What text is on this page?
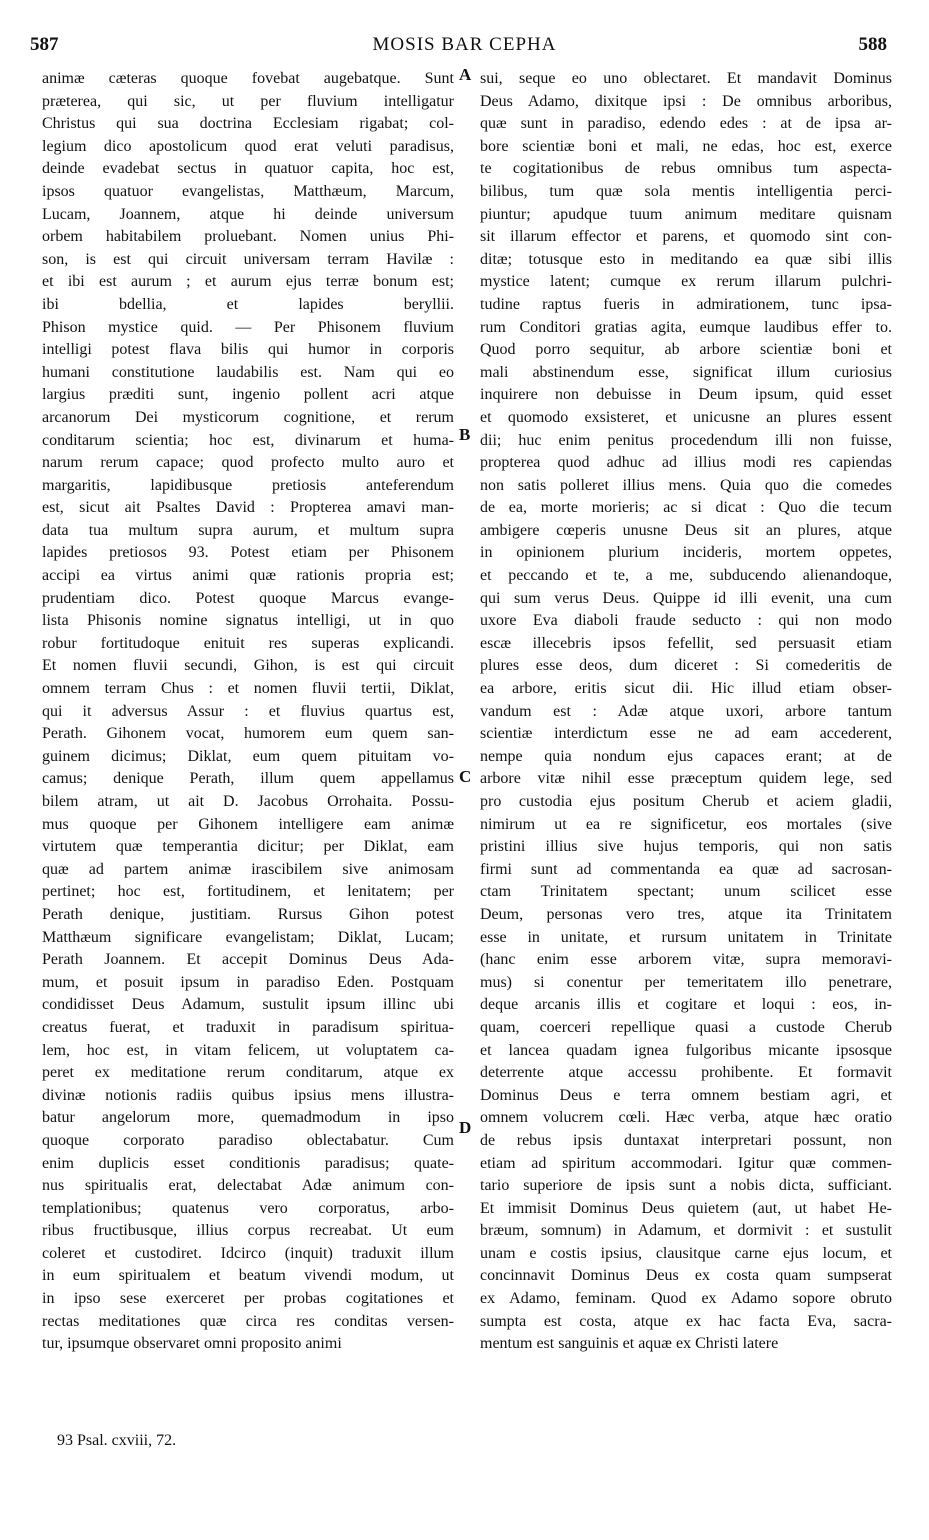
587	MOSIS BAR CEPHA	588
animæ cæteras quoque fovebat augebatque. Sunt
præterea, qui sic, ut per fluvium intelligatur
Christus qui sua doctrina Ecclesiam rigabat; col-
legium dico apostolicum quod erat veluti paradisus,
deinde evadebat sectus in quatuor capita, hoc est,
ipsos quatuor evangelistas, Matthæum, Marcum,
Lucam, Joannem, atque hi deinde universum
orbem habitabilem proluebant. Nomen unius Phi-
son, is est qui circuit universam terram Havilæ :
et ibi est aurum ; et aurum ejus terræ bonum est;
ibi bdellia, et lapides beryllii.
Phison mystice quid. — Per Phisonem fluvium
intelligi potest flava bilis qui humor in corporis
humani constitutione laudabilis est. Nam qui eo
largius præditi sunt, ingenio pollent acri atque
arcanorum Dei mysticorum cognitione, et rerum
conditarum scientia; hoc est, divinarum et huma-
narum rerum capace; quod profecto multo auro et
margaritis, lapidibusque pretiosis anteferendum
est, sicut ait Psaltes David : Propterea amavi man-
data tua multum supra aurum, et multum supra
lapides pretiosos 93. Potest etiam per Phisonem
accipi ea virtus animi quæ rationis propria est;
prudentiam dico. Potest quoque Marcus evange-
lista Phisonis nomine signatus intelligi, ut in quo
robur fortitudoque enituit res superas explicandi.
Et nomen fluvii secundi, Gihon, is est qui circuit
omnem terram Chus : et nomen fluvii tertii, Diklat,
qui it adversus Assur : et fluvius quartus est,
Perath. Gihonem vocat, humorem eum quem san-
guinem dicimus; Diklat, eum quem pituitam vo-
camus; denique Perath, illum quem appellamus
bilem atram, ut ait D. Jacobus Orrohaita. Possu-
mus quoque per Gihonem intelligere eam animæ
virtutem quæ temperantia dicitur; per Diklat, eam
quæ ad partem animæ irascibilem sive animosam
pertinet; hoc est, fortitudinem, et lenitatem; per
Perath denique, justitiam. Rursus Gihon potest
Matthæum significare evangelistam; Diklat, Lucam;
Perath Joannem. Et accepit Dominus Deus Ada-
mum, et posuit ipsum in paradiso Eden. Postquam
condidisset Deus Adamum, sustulit ipsum illinc ubi
creatus fuerat, et traduxit in paradisum spiritua-
lem, hoc est, in vitam felicem, ut voluptatem ca-
peret ex meditatione rerum conditarum, atque ex
divinæ notionis radiis quibus ipsius mens illustra-
batur angelorum more, quemadmodum in ipso
quoque corporato paradiso oblectabatur. Cum
enim duplicis esset conditionis paradisus; quate-
nus spiritualis erat, delectabat Adæ animum con-
templationibus; quatenus vero corporatus, arbo-
ribus fructibusque, illius corpus recreabat. Ut eum
coleret et custodiret. Idcirco (inquit) traduxit illum
in eum spiritualem et beatum vivendi modum, ut
in ipso sese exerceret per probas cogitationes et
rectas meditationes quæ circa res conditas versen-
tur, ipsumque observaret omni proposito animi
sui, seque eo uno oblectaret. Et mandavit Dominus
Deus Adamo, dixitque ipsi : De omnibus arboribus,
quæ sunt in paradiso, edendo edes : at de ipsa ar-
bore scientiæ boni et mali, ne edas, hoc est, exerce
te cogitationibus de rebus omnibus tum aspecta-
bilibus, tum quæ sola mentis intelligentia perci-
piuntur; apudque tuum animum meditare quisnam
sit illarum effector et parens, et quomodo sint con-
ditæ; totusque esto in meditando ea quæ sibi illis
mystice latent; cumque ex rerum illarum pulchri-
tudine raptus fueris in admirationem, tunc ipsa-
rum Conditori gratias agita, eumque laudibus effer to.
Quod porro sequitur, ab arbore scientiæ boni et
mali abstinendum esse, significat illum curiosius
inquirere non debuisse in Deum ipsum, quid esset
et quomodo exsisteret, et unicusne an plures essent
dii; huc enim penitus procedendum illi non fuisse,
propterea quod adhuc ad illius modi res capiendas
non satis polleret illius mens. Quia quo die comedes
de ea, morte morieris; ac si dicat : Quo die tecum
ambigere cœperis unusne Deus sit an plures, atque
in opinionem plurium incideris, mortem oppetes,
et peccando et te, a me, subducendo alienandoque,
qui sum verus Deus. Quippe id illi evenit, una cum
uxore Eva diaboli fraude seducto : qui non modo
escæ illecebris ipsos fefellit, sed persuasit etiam
plures esse deos, dum diceret : Si comederitis de
ea arbore, eritis sicut dii. Hic illud etiam obser-
vandum est : Adæ atque uxori, arbore tantum
scientiæ interdictum esse ne ad eam accederent,
nempe quia nondum ejus capaces erant; at de
arbore vitæ nihil esse præceptum quidem lege, sed
pro custodia ejus positum Cherub et aciem gladii,
nimirum ut ea re significetur, eos mortales (sive
pristini illius sive hujus temporis, qui non satis
firmi sunt ad commentanda ea quæ ad sacrosan-
ctam Trinitatem spectant; unum scilicet esse
Deum, personas vero tres, atque ita Trinitatem
esse in unitate, et rursum unitatem in Trinitate
(hanc enim esse arborem vitæ, supra memoravi-
mus) si conentur per temeritatem illo penetrare,
deque arcanis illis et cogitare et loqui : eos, in-
quam, coerceri repellique quasi a custode Cherub
et lancea quadam ignea fulgoribus micante ipsosque
deterrente atque accessu prohibente. Et formavit
Dominus Deus e terra omnem bestiam agri, et
omnem volucrem cœli. Hæc verba, atque hæc oratio
de rebus ipsis duntaxat interpretari possunt, non
etiam ad spiritum accommodari. Igitur quæ commen-
tario superiore de ipsis sunt a nobis dicta, sufficiant.
Et immisit Dominus Deus quietem (aut, ut habet He-
bræum, somnum) in Adamum, et dormivit : et sustulit
unam e costis ipsius, clausitque carne ejus locum, et
concinnavit Dominus Deus ex costa quam sumpserat
ex Adamo, feminam. Quod ex Adamo sopore obruto
sumpta est costa, atque ex hac facta Eva, sacra-
mentum est sanguinis et aquæ ex Christi latere
A
B
C
D
93 Psal. cxviii, 72.
